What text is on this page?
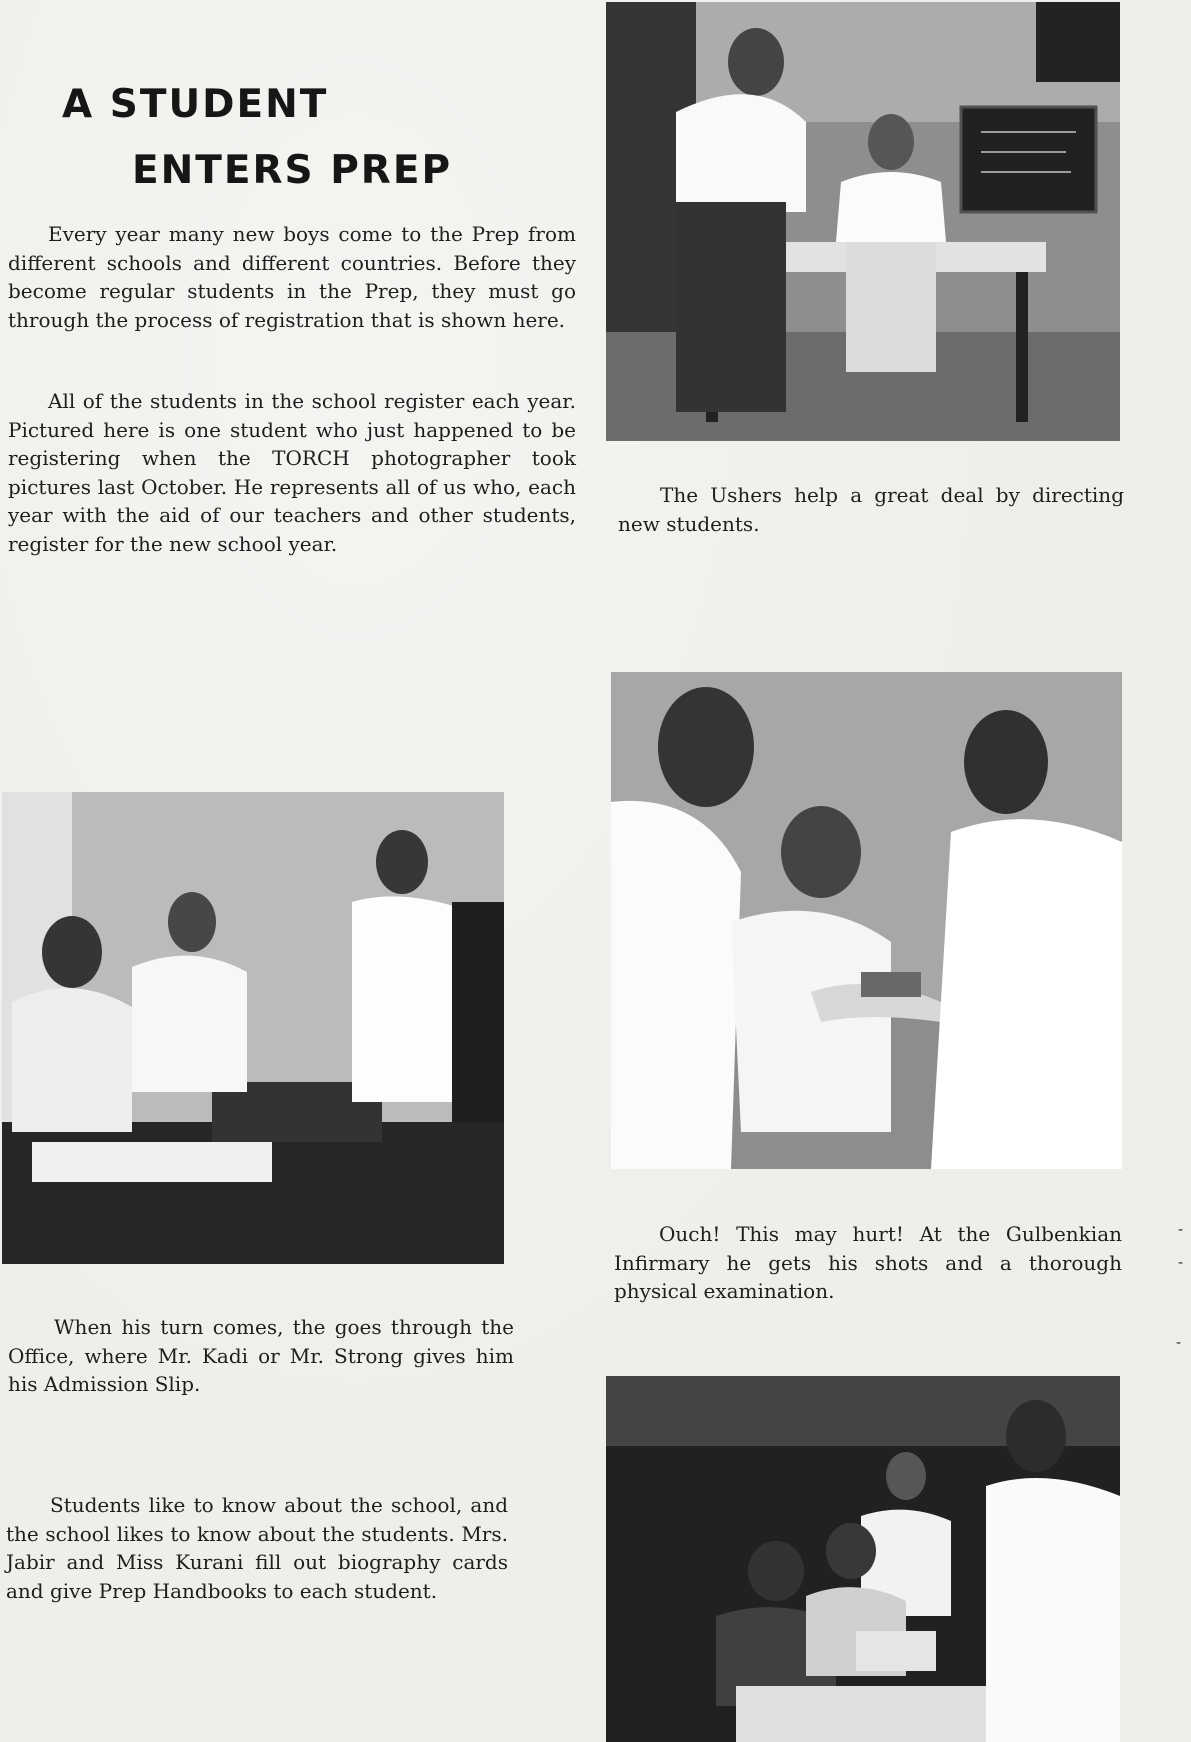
A STUDENT
ENTERS PREP

Every year many new boys come to the Prep from different schools and different countries. Before they become regular students in the Prep, they must go through the process of registration that is shown here.

All of the students in the school register each year. Pictured here is one student who just happened to be registering when the TORCH photographer took pictures last October. He represents all of us who, each year with the aid of our teachers and other students, register for the new school year.

The Ushers help a great deal by directing new students.

When his turn comes, the goes through the Office, where Mr. Kadi or Mr. Strong gives him his Admission Slip.

Ouch! This may hurt! At the Gulbenkian Infirmary he gets his shots and a thorough physical examination.

Students like to know about the school, and the school likes to know about the students. Mrs. Jabir and Miss Kurani fill out biography cards and give Prep Handbooks to each student.

-
-
-
